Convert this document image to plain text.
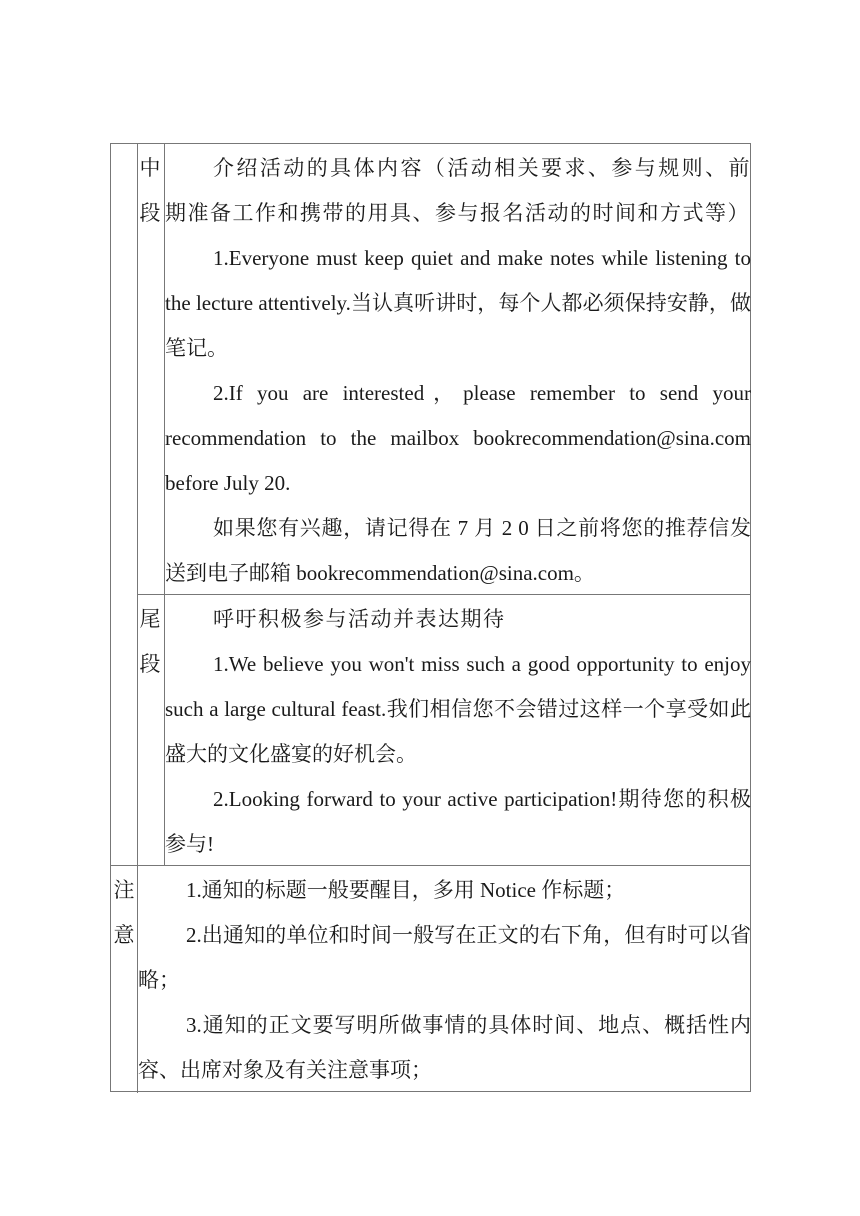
中
段

介绍活动的具体内容（活动相关要求、参与规则、前期准备工作和携带的用具、参与报名活动的时间和方式等）

1.Everyone must keep quiet and make notes while listening to the lecture attentively.当认真听讲时，每个人都必须保持安静，做笔记。

2.If you are interested，please remember to send your recommendation to the mailbox bookrecommendation@sina.com before July 20.

如果您有兴趣，请记得在 7 月 2 0 日之前将您的推荐信发送到电子邮箱 bookrecommendation@sina.com。

尾
段

呼吁积极参与活动并表达期待

1.We believe you won't miss such a good opportunity to enjoy such a large cultural feast.我们相信您不会错过这样一个享受如此盛大的文化盛宴的好机会。

2.Looking forward to your active participation!期待您的积极参与!

注
意

1.通知的标题一般要醒目，多用 Notice 作标题；

2.出通知的单位和时间一般写在正文的右下角，但有时可以省略；

3.通知的正文要写明所做事情的具体时间、地点、概括性内容、出席对象及有关注意事项；
